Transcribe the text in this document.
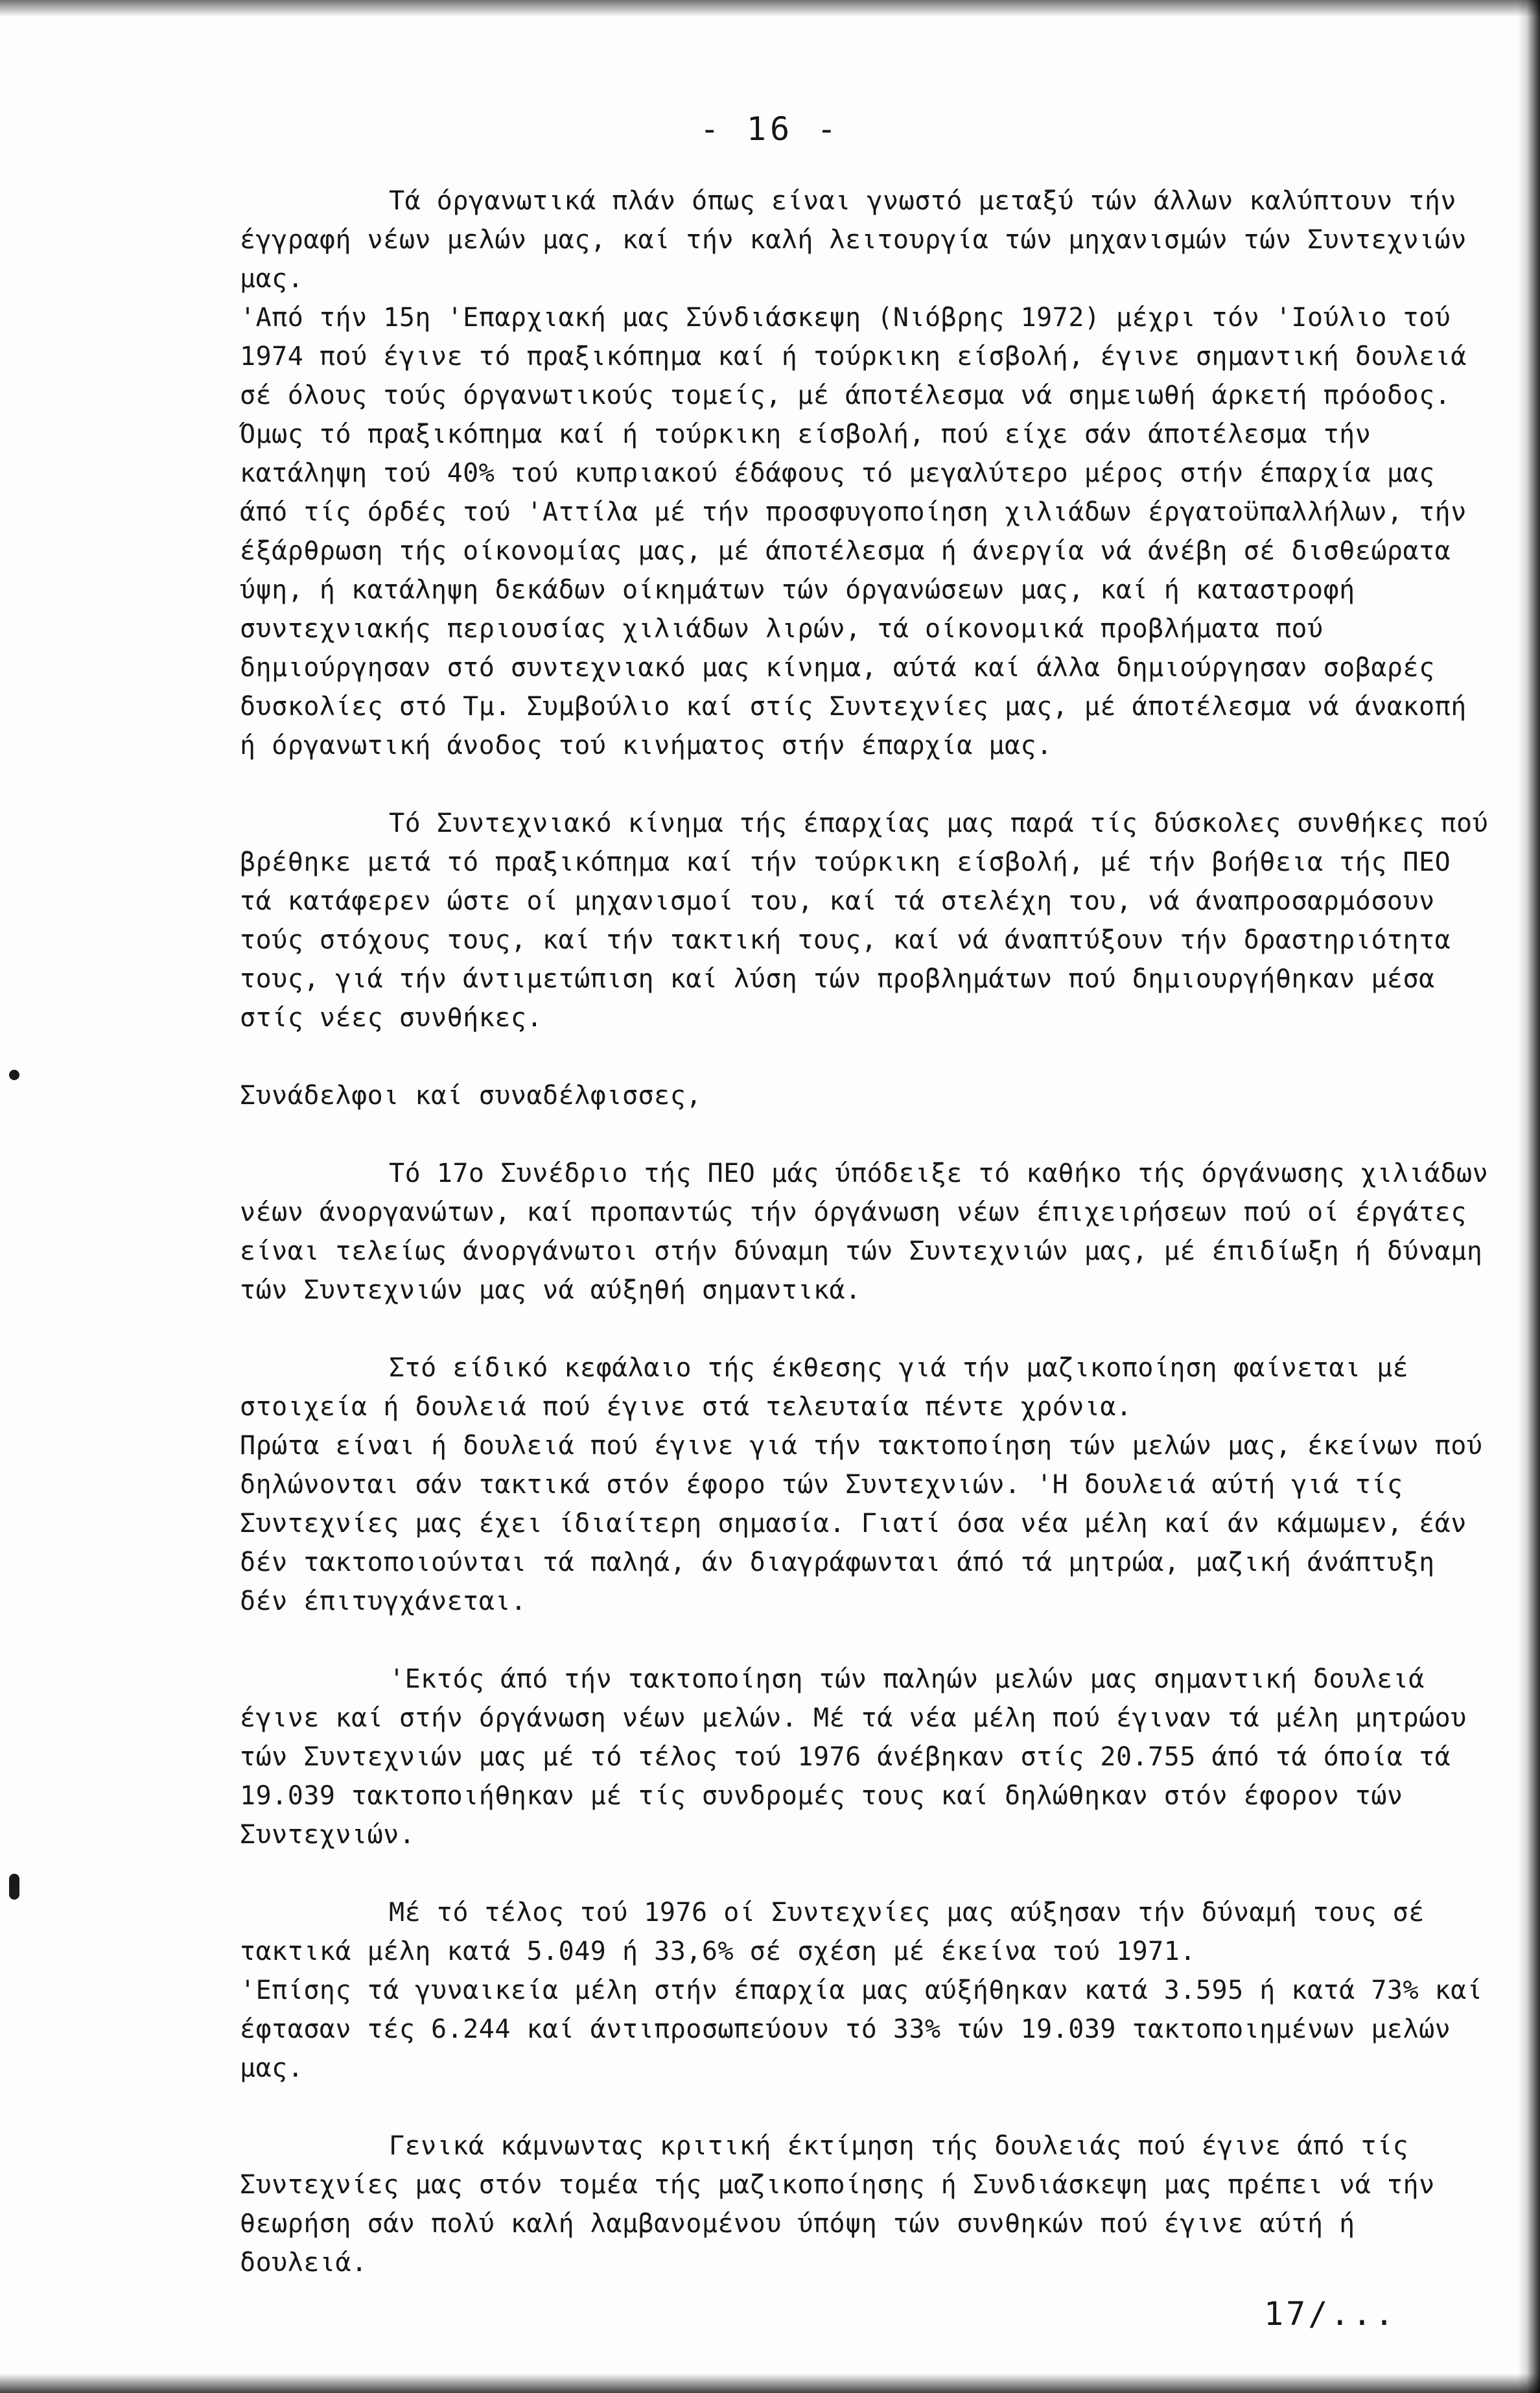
- 16 -

Τά όργανωτικά πλάν όπως είναι γνωστό μεταξύ τών άλλων καλύπτουν τήν έγγραφή νέων μελών μας, καί τήν καλή λειτουργία τών μηχανισμών τών Συντεχνιών μας.

'Από τήν 15η 'Επαρχιακή μας Σύνδιάσκεψη (Νιόβρης 1972) μέχρι τόν 'Ιούλιο τού 1974 πού έγινε τό πραξικόπημα καί ή τούρκικη είσβολή, έγινε σημαντική δουλειά σέ όλους τούς όργανωτικούς τομείς, μέ άποτέλεσμα νά σημειωθή άρκετή πρόοδος.

Όμως τό πραξικόπημα καί ή τούρκικη είσβολή, πού είχε σάν άποτέλεσμα τήν κατάληψη τού 40% τού κυπριακού έδάφους τό μεγαλύτερο μέρος στήν έπαρχία μας άπό τίς όρδές τού 'Αττίλα μέ τήν προσφυγοποίηση χιλιάδων έργατοϋπαλλήλων, τήν έξάρθρωση τής οίκονομίας μας, μέ άποτέλεσμα ή άνεργία νά άνέβη σέ δισθεώρατα ύψη, ή κατάληψη δεκάδων οίκημάτων τών όργανώσεων μας, καί ή καταστροφή συντεχνιακής περιουσίας χιλιάδων λιρών, τά οίκονομικά προβλήματα πού δημιούργησαν στό συντεχνιακό μας κίνημα, αύτά καί άλλα δημιούργησαν σοβαρές δυσκολίες στό Τμ. Συμβούλιο καί στίς Συντεχνίες μας, μέ άποτέλεσμα νά άνακοπή ή όργανωτική άνοδος τού κινήματος στήν έπαρχία μας.

Τό Συντεχνιακό κίνημα τής έπαρχίας μας παρά τίς δύσκολες συνθήκες πού βρέθηκε μετά τό πραξικόπημα καί τήν τούρκικη είσβολή, μέ τήν βοήθεια τής ΠΕΟ τά κατάφερεν ώστε οί μηχανισμοί του, καί τά στελέχη του, νά άναπροσαρμόσουν τούς στόχους τους, καί τήν τακτική τους, καί νά άναπτύξουν τήν δραστηριότητα τους, γιά τήν άντιμετώπιση καί λύση τών προβλημάτων πού δημιουργήθηκαν μέσα στίς νέες συνθήκες.

Συνάδελφοι καί συναδέλφισσες,

Τό 17ο Συνέδριο τής ΠΕΟ μάς ύπόδειξε τό καθήκο τής όργάνωσης χιλιάδων νέων άνοργανώτων, καί προπαντώς τήν όργάνωση νέων έπιχειρήσεων πού οί έργάτες είναι τελείως άνοργάνωτοι στήν δύναμη τών Συντεχνιών μας, μέ έπιδίωξη ή δύναμη τών Συντεχνιών μας νά αύξηθή σημαντικά.

Στό είδικό κεφάλαιο τής έκθεσης γιά τήν μαζικοποίηση φαίνεται μέ στοιχεία ή δουλειά πού έγινε στά τελευταία πέντε χρόνια.

Πρώτα είναι ή δουλειά πού έγινε γιά τήν τακτοποίηση τών μελών μας, έκείνων πού δηλώνονται σάν τακτικά στόν έφορο τών Συντεχνιών. 'Η δουλειά αύτή γιά τίς Συντεχνίες μας έχει ίδιαίτερη σημασία. Γιατί όσα νέα μέλη καί άν κάμωμεν, έάν δέν τακτοποιούνται τά παληά, άν διαγράφωνται άπό τά μητρώα, μαζική άνάπτυξη δέν έπιτυγχάνεται.

'Εκτός άπό τήν τακτοποίηση τών παληών μελών μας σημαντική δουλειά έγινε καί στήν όργάνωση νέων μελών. Μέ τά νέα μέλη πού έγιναν τά μέλη μητρώου τών Συντεχνιών μας μέ τό τέλος τού 1976 άνέβηκαν στίς 20.755 άπό τά όποία τά 19.039 τακτοποιήθηκαν μέ τίς συνδρομές τους καί δηλώθηκαν στόν έφορον τών Συντεχνιών.

Μέ τό τέλος τού 1976 οί Συντεχνίες μας αύξησαν τήν δύναμή τους σέ τακτικά μέλη κατά 5.049 ή 33,6% σέ σχέση μέ έκείνα τού 1971.

'Επίσης τά γυναικεία μέλη στήν έπαρχία μας αύξήθηκαν κατά 3.595 ή κατά 73% καί έφτασαν τές 6.244 καί άντιπροσωπεύουν τό 33% τών 19.039 τακτοποιημένων μελών μας.

Γενικά κάμνωντας κριτική έκτίμηση τής δουλειάς πού έγινε άπό τίς Συντεχνίες μας στόν τομέα τής μαζικοποίησης ή Συνδιάσκεψη μας πρέπει νά τήν θεωρήση σάν πολύ καλή λαμβανομένου ύπόψη τών συνθηκών πού έγινε αύτή ή δουλειά.

17/...
